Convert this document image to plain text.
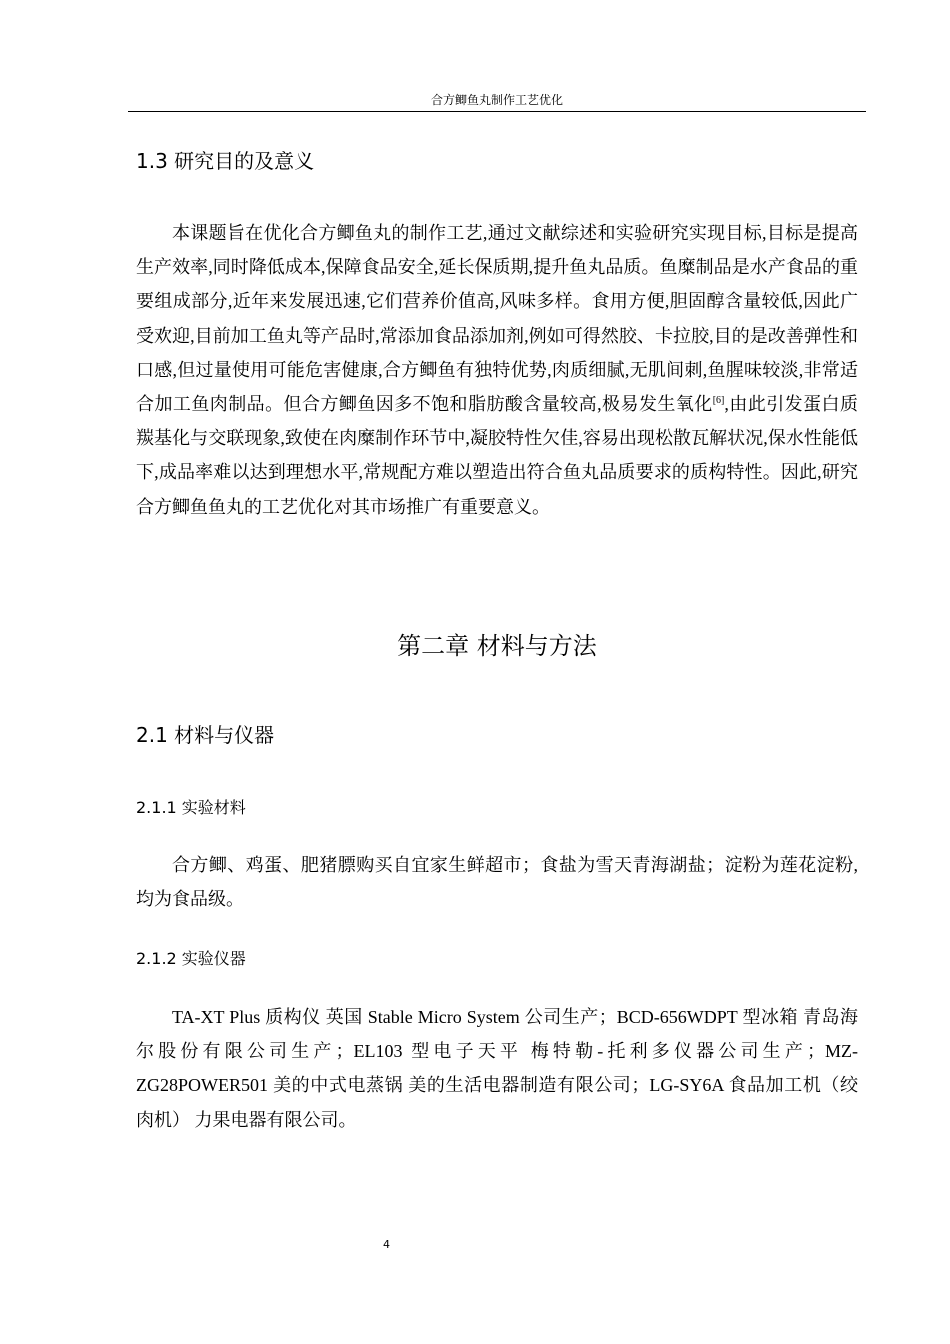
合方鲫鱼丸制作工艺优化
1.3 研究目的及意义

本课题旨在优化合方鲫鱼丸的制作工艺,通过文献综述和实验研究实现目标,目标是提高生产效率,同时降低成本,保障食品安全,延长保质期,提升鱼丸品质。鱼糜制品是水产食品的重要组成部分,近年来发展迅速,它们营养价值高,风味多样。食用方便,胆固醇含量较低,因此广受欢迎,目前加工鱼丸等产品时,常添加食品添加剂,例如可得然胶、卡拉胶,目的是改善弹性和口感,但过量使用可能危害健康,合方鲫鱼有独特优势,肉质细腻,无肌间刺,鱼腥味较淡,非常适合加工鱼肉制品。但合方鲫鱼因多不饱和脂肪酸含量较高,极易发生氧化[6],由此引发蛋白质羰基化与交联现象,致使在肉糜制作环节中,凝胶特性欠佳,容易出现松散瓦解状况,保水性能低下,成品率难以达到理想水平,常规配方难以塑造出符合鱼丸品质要求的质构特性。因此,研究合方鲫鱼鱼丸的工艺优化对其市场推广有重要意义。

第二章 材料与方法
2.1 材料与仪器
2.1.1 实验材料

合方鲫、鸡蛋、肥猪膘购买自宜家生鲜超市；食盐为雪天青海湖盐；淀粉为莲花淀粉,均为食品级。

2.1.2 实验仪器

TA-XT Plus 质构仪 英国 Stable Micro System 公司生产；BCD-656WDPT 型冰箱 青岛海尔股份有限公司生产；EL103 型电子天平 梅特勒-托利多仪器公司生产；MZ-ZG28POWER501 美的中式电蒸锅 美的生活电器制造有限公司；LG-SY6A 食品加工机（绞肉机） 力果电器有限公司。

4
